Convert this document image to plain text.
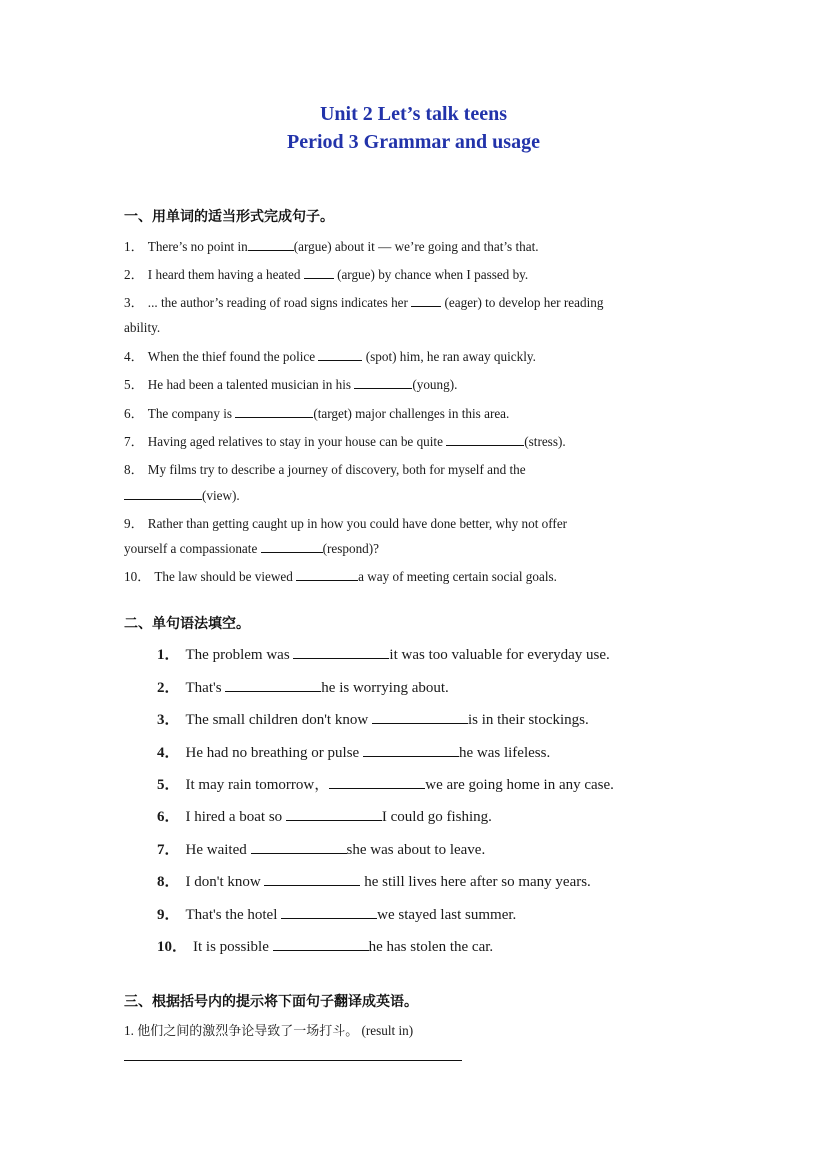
Unit 2 Let’s talk teens
Period 3 Grammar and usage
一、用单词的适当形式完成句子。
1． There’s no point in	(argue) about it — we’re going and that’s that.
2． I heard them having a heated  (argue) by chance when I passed by.
3． ... the author’s reading of road signs indicates her  (eager) to develop her reading
ability.
4． When the thief found the police	(spot) him, he ran away quickly.
5． He had been a talented musician in his	(young).
6． The company is	(target) major challenges in this area.
7． Having aged relatives to stay in your house can be quite	(stress).
8． My films try to describe a journey of discovery, both for myself and the
(view).
9． Rather than getting caught up in how you could have done better, why not offer
yourself a compassionate	(respond)?
10． The law should be viewed	a way of meeting certain social goals.
二、单句语法填空。
1． The problem was	it was too valuable for everyday use.
2． That's	he is worrying about.
3． The small children don't know	is in their stockings.
4． He had no breathing or pulse	he was lifeless.
5． It may rain tomorrow，	we are going home in any case.
6． I hired a boat so	I could go fishing.
7． He waited	she was about to leave.
8． I don't know	he still lives here after so many years.
9． That's the hotel	we stayed last summer.
10． It is possible	he has stolen the car.
三、根据括号内的提示将下面句子翻译成英语。
1. 他们之间的激烈争论导致了一场打斗。 (result in)
